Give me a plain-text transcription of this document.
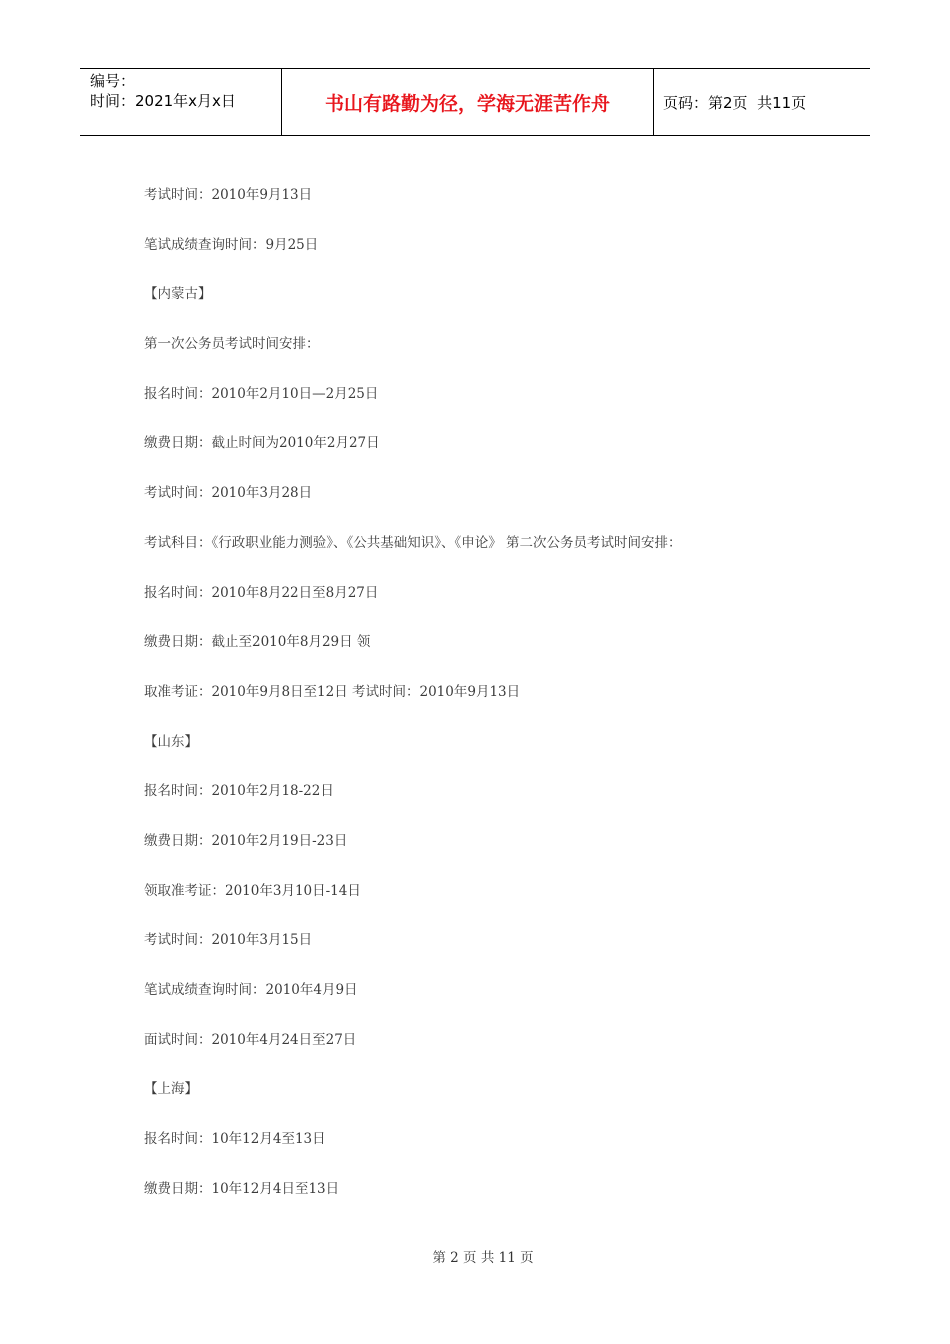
编号：
时间：2021年x月x日	书山有路勤为径，学海无涯苦作舟	页码：第2页  共11页
考试时间：2010年9月13日
笔试成绩查询时间：9月25日
【内蒙古】
第一次公务员考试时间安排：
报名时间：2010年2月10日—2月25日
缴费日期：截止时间为2010年2月27日
考试时间：2010年3月28日
考试科目：《行政职业能力测验》、《公共基础知识》、《申论》 第二次公务员考试时间安排：
报名时间：2010年8月22日至8月27日
缴费日期：截止至2010年8月29日 领
取准考证：2010年9月8日至12日 考试时间：2010年9月13日
【山东】
报名时间：2010年2月18-22日
缴费日期：2010年2月19日-23日
领取准考证：2010年3月10日-14日
考试时间：2010年3月15日
笔试成绩查询时间：2010年4月9日
面试时间：2010年4月24日至27日
【上海】
报名时间：10年12月4至13日
缴费日期：10年12月4日至13日
第 2 页 共 11 页
